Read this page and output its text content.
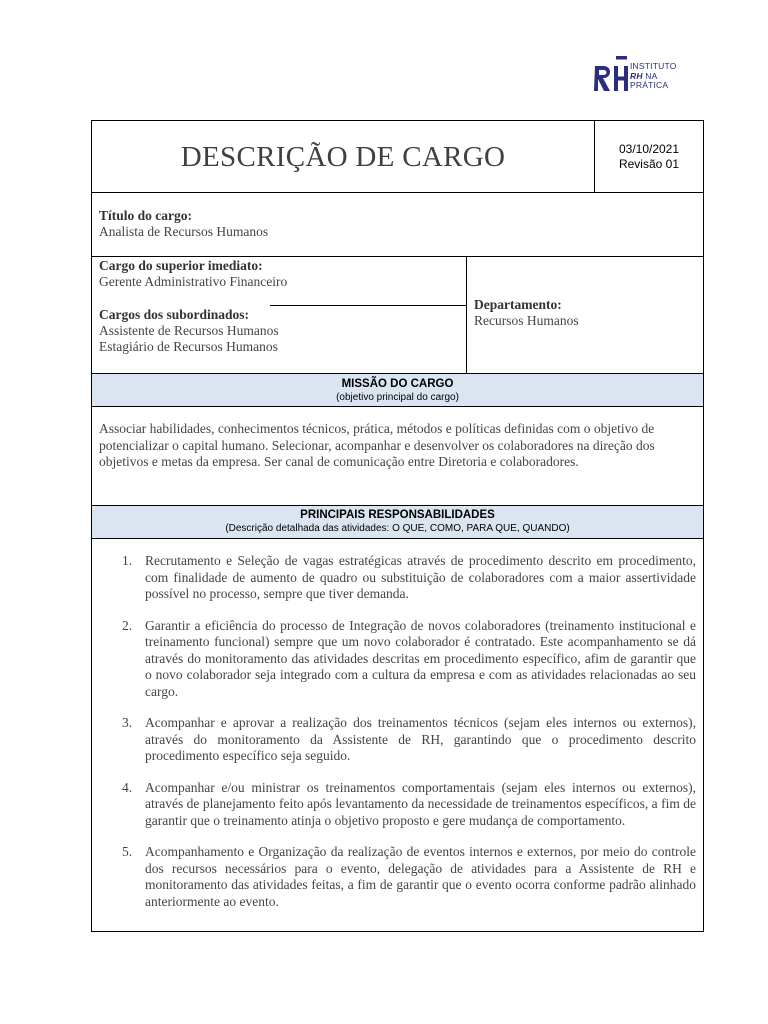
INSTITUTO
RH NA
PRÁTICA
DESCRIÇÃO DE CARGO	03/10/2021
Revisão 01
Título do cargo:
Analista de Recursos Humanos
Cargo do superior imediato:
Gerente Administrativo Financeiro
Cargos dos subordinados:
Assistente de Recursos Humanos
Estagiário de Recursos Humanos
Departamento:
Recursos Humanos
MISSÃO DO CARGO
(objetivo principal do cargo)
Associar habilidades, conhecimentos técnicos, prática, métodos e políticas definidas com o objetivo de potencializar o capital humano. Selecionar, acompanhar e desenvolver os colaboradores na direção dos objetivos e metas da empresa. Ser canal de comunicação entre Diretoria e colaboradores.
PRINCIPAIS RESPONSABILIDADES
(Descrição detalhada das atividades: O QUE, COMO, PARA QUE, QUANDO)
1. Recrutamento e Seleção de vagas estratégicas através de procedimento descrito em procedimento, com finalidade de aumento de quadro ou substituição de colaboradores com a maior assertividade possível no processo, sempre que tiver demanda.
2. Garantir a eficiência do processo de Integração de novos colaboradores (treinamento institucional e treinamento funcional) sempre que um novo colaborador é contratado. Este acompanhamento se dá através do monitoramento das atividades descritas em procedimento específico, afim de garantir que o novo colaborador seja integrado com a cultura da empresa e com as atividades relacionadas ao seu cargo.
3. Acompanhar e aprovar a realização dos treinamentos técnicos (sejam eles internos ou externos), através do monitoramento da Assistente de RH, garantindo que o procedimento descrito procedimento específico seja seguido.
4. Acompanhar e/ou ministrar os treinamentos comportamentais (sejam eles internos ou externos), através de planejamento feito após levantamento da necessidade de treinamentos específicos, a fim de garantir que o treinamento atinja o objetivo proposto e gere mudança de comportamento.
5. Acompanhamento e Organização da realização de eventos internos e externos, por meio do controle dos recursos necessários para o evento, delegação de atividades para a Assistente de RH e monitoramento das atividades feitas, a fim de garantir que o evento ocorra conforme padrão alinhado anteriormente ao evento.
